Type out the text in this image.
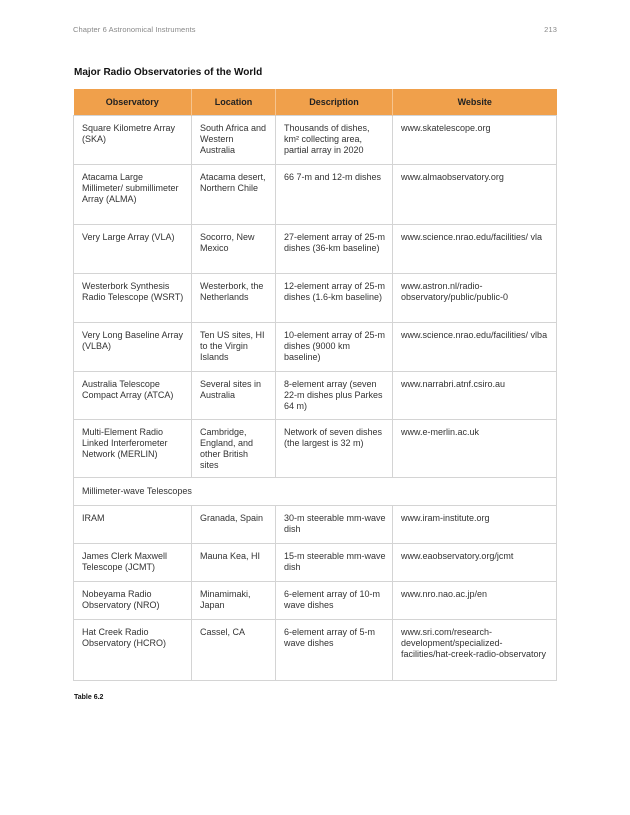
Chapter 6 Astronomical Instruments	213
Major Radio Observatories of the World
Observatory	Location	Description	Website
Square Kilometre Array (SKA)	South Africa and Western Australia	Thousands of dishes, km² collecting area, partial array in 2020	www.skatelescope.org
Atacama Large Millimeter/ submillimeter Array (ALMA)	Atacama desert, Northern Chile	66 7-m and 12-m dishes	www.almaobservatory.org
Very Large Array (VLA)	Socorro, New Mexico	27-element array of 25-m dishes (36-km baseline)	www.science.nrao.edu/facilities/ vla
Westerbork Synthesis Radio Telescope (WSRT)	Westerbork, the Netherlands	12-element array of 25-m dishes (1.6-km baseline)	www.astron.nl/radio-observatory/public/public-0
Very Long Baseline Array (VLBA)	Ten US sites, HI to the Virgin Islands	10-element array of 25-m dishes (9000 km baseline)	www.science.nrao.edu/facilities/ vlba
Australia Telescope Compact Array (ATCA)	Several sites in Australia	8-element array (seven 22-m dishes plus Parkes 64 m)	www.narrabri.atnf.csiro.au
Multi-Element Radio Linked Interferometer Network (MERLIN)	Cambridge, England, and other British sites	Network of seven dishes (the largest is 32 m)	www.e-merlin.ac.uk
Millimeter-wave Telescopes			
IRAM	Granada, Spain	30-m steerable mm-wave dish	www.iram-institute.org
James Clerk Maxwell Telescope (JCMT)	Mauna Kea, HI	15-m steerable mm-wave dish	www.eaobservatory.org/jcmt
Nobeyama Radio Observatory (NRO)	Minamimaki, Japan	6-element array of 10-m wave dishes	www.nro.nao.ac.jp/en
Hat Creek Radio Observatory (HCRO)	Cassel, CA	6-element array of 5-m wave dishes	www.sri.com/research-development/specialized-facilities/hat-creek-radio-observatory
Table 6.2
